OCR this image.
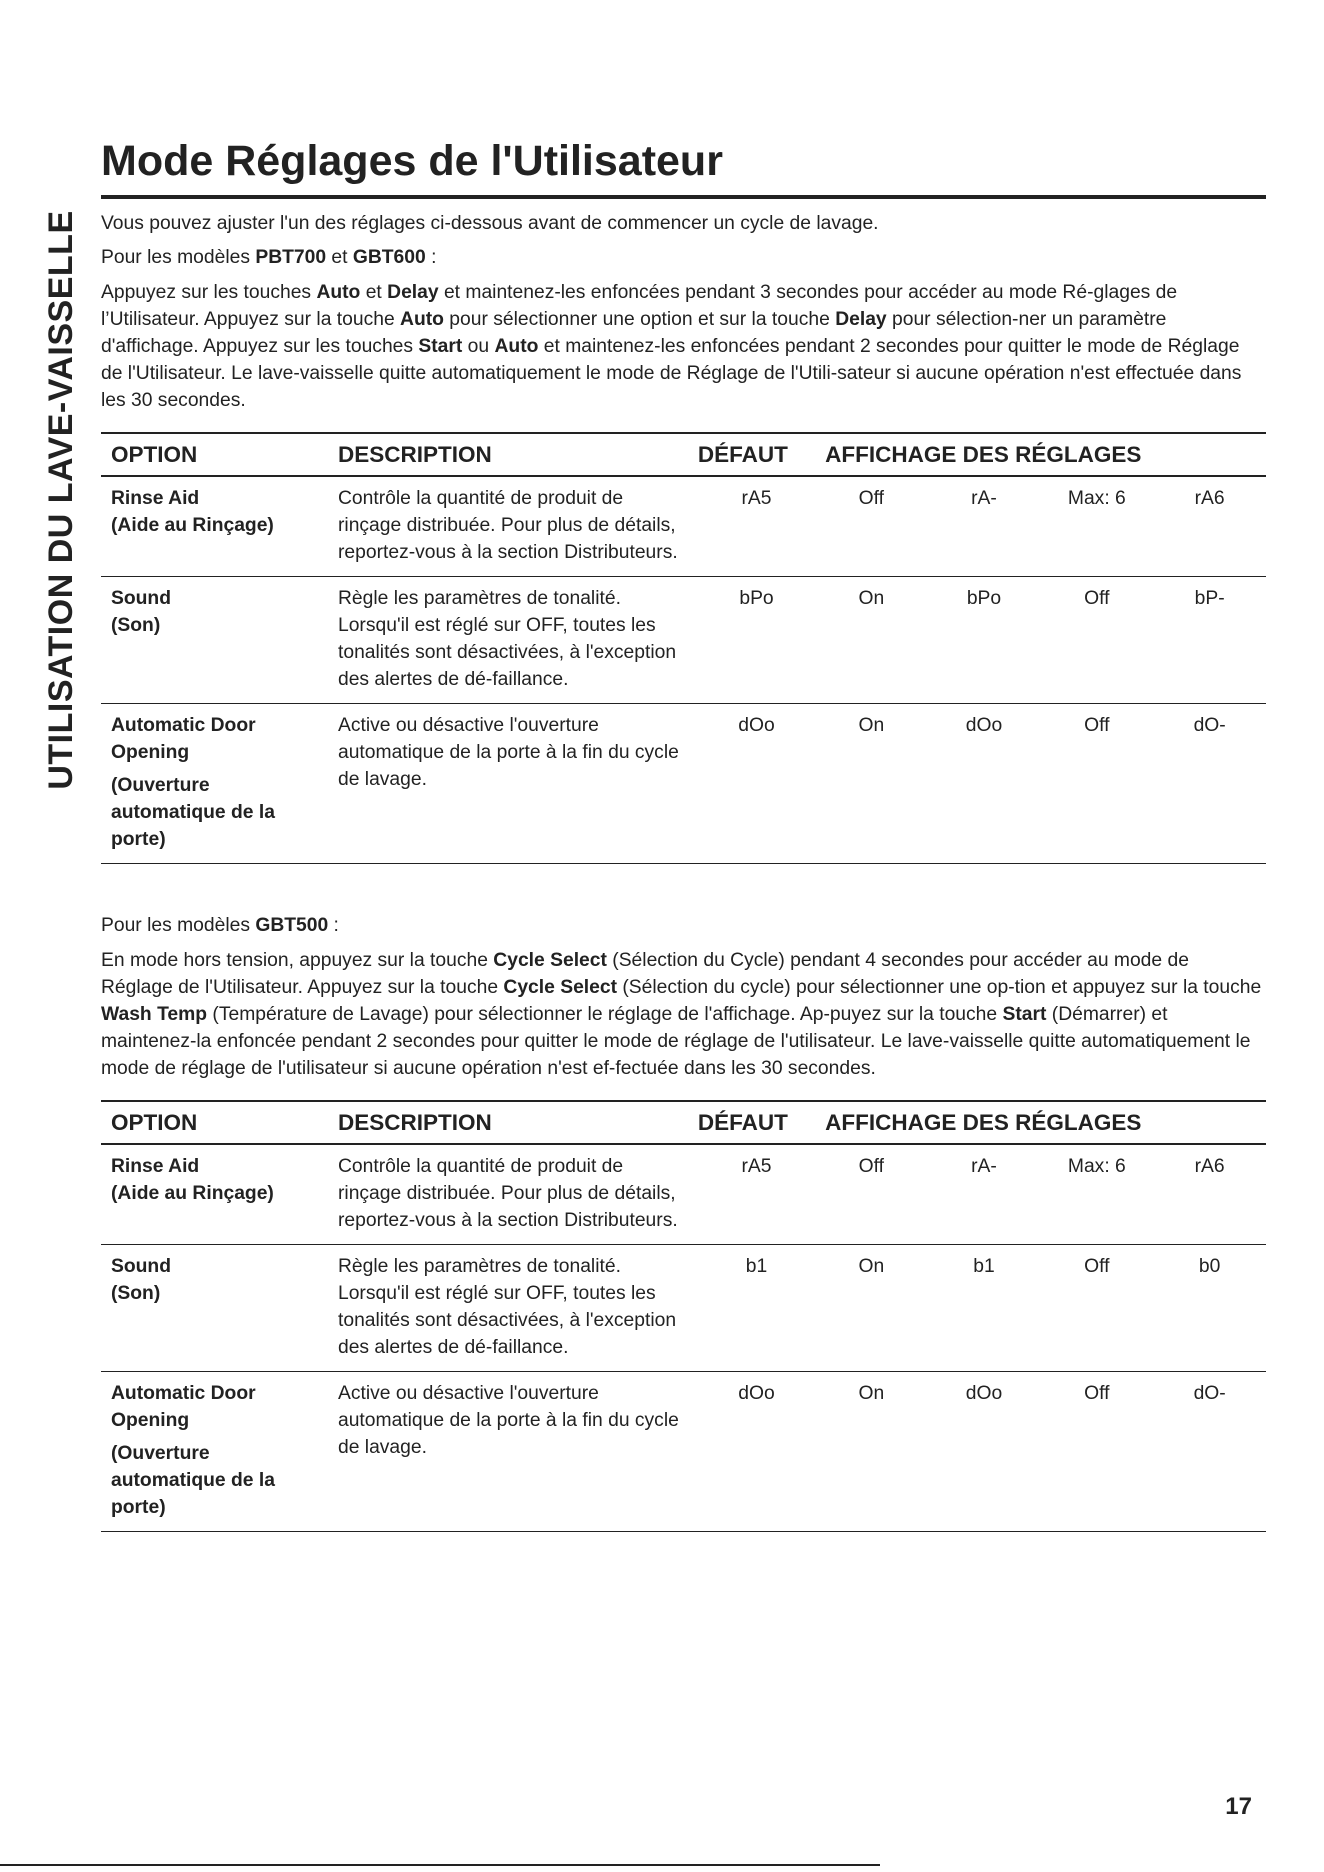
UTILISATION DU LAVE-VAISSELLE
Mode Réglages de l'Utilisateur

Vous pouvez ajuster l'un des réglages ci-dessous avant de commencer un cycle de lavage.

Pour les modèles PBT700 et GBT600 :

Appuyez sur les touches Auto et Delay et maintenez-les enfoncées pendant 3 secondes pour accéder au mode Ré-glages de l’Utilisateur. Appuyez sur la touche Auto pour sélectionner une option et sur la touche Delay pour sélection-ner un paramètre d'affichage. Appuyez sur les touches Start ou Auto et maintenez-les enfoncées pendant 2 secondes pour quitter le mode de Réglage de l'Utilisateur. Le lave-vaisselle quitte automatiquement le mode de Réglage de l'Utili-sateur si aucune opération n'est effectuée dans les 30 secondes.

OPTION	DESCRIPTION	DÉFAUT	AFFICHAGE DES RÉGLAGES			

Rinse Aid
(Aide au Rinçage)	Contrôle la quantité de produit de rinçage distribuée. Pour plus de détails, reportez-vous à la section Distributeurs.	rA5	Off	rA-	Max: 6	rA6

Sound
(Son)	Règle les paramètres de tonalité. Lorsqu'il est réglé sur OFF, toutes les tonalités sont désactivées, à l'exception des alertes de dé-faillance.	bPo	On	bPo	Off	bP-

Automatic Door Opening
(Ouverture automatique de la porte)	Active ou désactive l'ouverture automatique de la porte à la fin du cycle de lavage.	dOo	On	dOo	Off	dO-

Pour les modèles GBT500 :

En mode hors tension, appuyez sur la touche Cycle Select (Sélection du Cycle) pendant 4 secondes pour accéder au mode de Réglage de l'Utilisateur. Appuyez sur la touche Cycle Select (Sélection du cycle) pour sélectionner une op-tion et appuyez sur la touche Wash Temp (Température de Lavage) pour sélectionner le réglage de l'affichage. Ap-puyez sur la touche Start (Démarrer) et maintenez-la enfoncée pendant 2 secondes pour quitter le mode de réglage de l'utilisateur. Le lave-vaisselle quitte automatiquement le mode de réglage de l'utilisateur si aucune opération n'est ef-fectuée dans les 30 secondes.

OPTION	DESCRIPTION	DÉFAUT	AFFICHAGE DES RÉGLAGES			

Rinse Aid
(Aide au Rinçage)	Contrôle la quantité de produit de rinçage distribuée. Pour plus de détails, reportez-vous à la section Distributeurs.	rA5	Off	rA-	Max: 6	rA6

Sound
(Son)	Règle les paramètres de tonalité. Lorsqu'il est réglé sur OFF, toutes les tonalités sont désactivées, à l'exception des alertes de dé-faillance.	b1	On	b1	Off	b0

Automatic Door Opening
(Ouverture automatique de la porte)	Active ou désactive l'ouverture automatique de la porte à la fin du cycle de lavage.	dOo	On	dOo	Off	dO-
17
